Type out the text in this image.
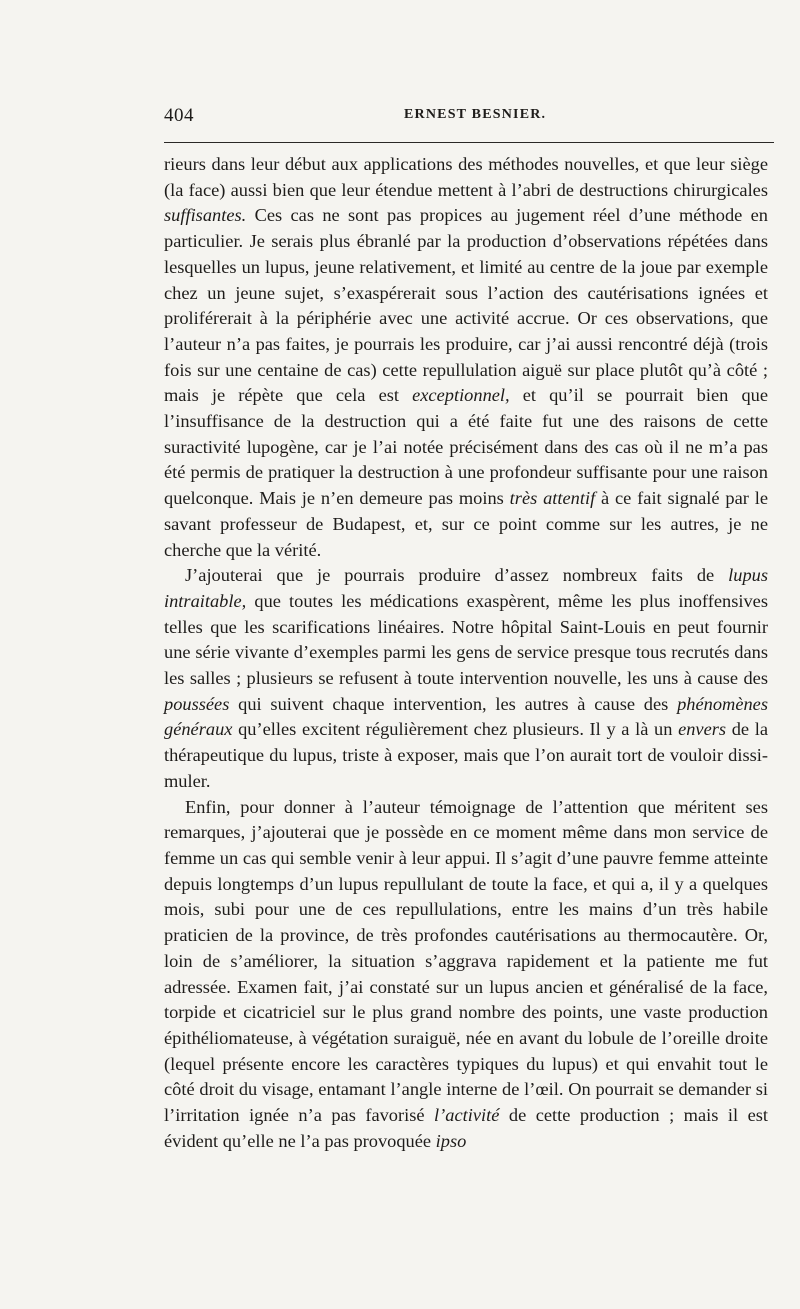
404	ERNEST BESNIER.

rieurs dans leur début aux applications des méthodes nouvelles, et que leur siège (la face) aussi bien que leur étendue mettent à l’abri de destructions chirurgicales suffisantes. Ces cas ne sont pas propices au jugement réel d’une méthode en particulier. Je serais plus ébranlé par la production d’observations répétées dans lesquelles un lupus, jeune relativement, et limité au centre de la joue par exemple chez un jeune sujet, s’exaspérerait sous l’action des cautérisations ignées et proliférerait à la périphérie avec une activité accrue. Or ces observations, que l’auteur n’a pas faites, je pourrais les produire, car j’ai aussi rencontré déjà (trois fois sur une centaine de cas) cette repullulation aiguë sur place plutôt qu’à côté ; mais je répète que cela est exceptionnel, et qu’il se pourrait bien que l’insuffisance de la destruction qui a été faite fut une des raisons de cette suractivité lupogène, car je l’ai notée précisément dans des cas où il ne m’a pas été permis de pratiquer la destruction à une profondeur suffisante pour une raison quelconque. Mais je n’en demeure pas moins très attentif à ce fait signalé par le savant professeur de Budapest, et, sur ce point comme sur les autres, je ne cherche que la vérité.

J’ajouterai que je pourrais produire d’assez nombreux faits de lupus intraitable, que toutes les médications exaspèrent, même les plus inoffensives telles que les scarifications linéaires. Notre hôpital Saint-Louis en peut fournir une série vivante d’exemples parmi les gens de service presque tous recrutés dans les salles ; plusieurs se refusent à toute intervention nouvelle, les uns à cause des poussées qui suivent chaque intervention, les autres à cause des phénomènes généraux qu’elles excitent régulièrement chez plusieurs. Il y a là un envers de la thérapeutique du lupus, triste à exposer, mais que l’on aurait tort de vouloir dissimuler.

Enfin, pour donner à l’auteur témoignage de l’attention que méritent ses remarques, j’ajouterai que je possède en ce moment même dans mon service de femme un cas qui semble venir à leur appui. Il s’agit d’une pauvre femme atteinte depuis longtemps d’un lupus repullulant de toute la face, et qui a, il y a quelques mois, subi pour une de ces repullulations, entre les mains d’un très habile praticien de la province, de très profondes cautérisations au thermocautère. Or, loin de s’améliorer, la situation s’aggrava rapidement et la patiente me fut adressée. Examen fait, j’ai constaté sur un lupus ancien et généralisé de la face, torpide et cicatriciel sur le plus grand nombre des points, une vaste production épithéliomateuse, à végétation suraiguë, née en avant du lobule de l’oreille droite (lequel présente encore les caractères typiques du lupus) et qui envahit tout le côté droit du visage, entamant l’angle interne de l’œil. On pourrait se demander si l’irritation ignée n’a pas favorisé l’activité de cette production ; mais il est évident qu’elle ne l’a pas provoquée ipso
